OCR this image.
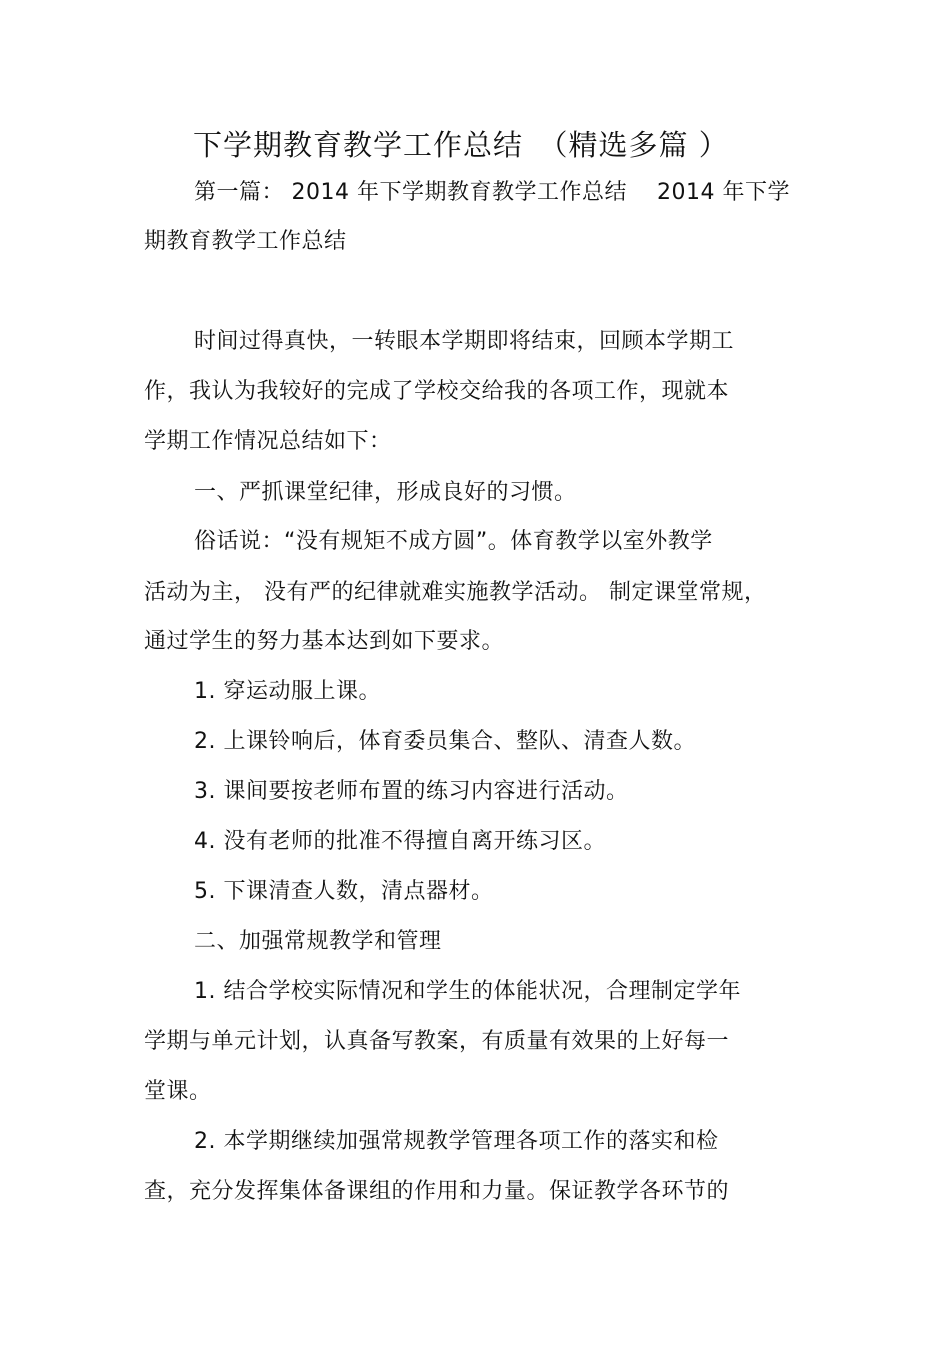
下学期教育教学工作总结　（精选多篇 ）
第一篇： 2014 年下学期教育教学工作总结　 2014 年下学
期教育教学工作总结
时间过得真快，一转眼本学期即将结束，回顾本学期工
作，我认为我较好的完成了学校交给我的各项工作，现就本
学期工作情况总结如下：
一、严抓课堂纪律，形成良好的习惯。
俗话说：“没有规矩不成方圆”。体育教学以室外教学
活动为主， 没有严的纪律就难实施教学活动。 制定课堂常规，
通过学生的努力基本达到如下要求。
1. 穿运动服上课。
2. 上课铃响后，体育委员集合、整队、清查人数。
3. 课间要按老师布置的练习内容进行活动。
4. 没有老师的批准不得擅自离开练习区。
5. 下课清查人数，清点器材。
二、加强常规教学和管理
1. 结合学校实际情况和学生的体能状况，合理制定学年
学期与单元计划，认真备写教案，有质量有效果的上好每一
堂课。
2. 本学期继续加强常规教学管理各项工作的落实和检
查，充分发挥集体备课组的作用和力量。保证教学各环节的
